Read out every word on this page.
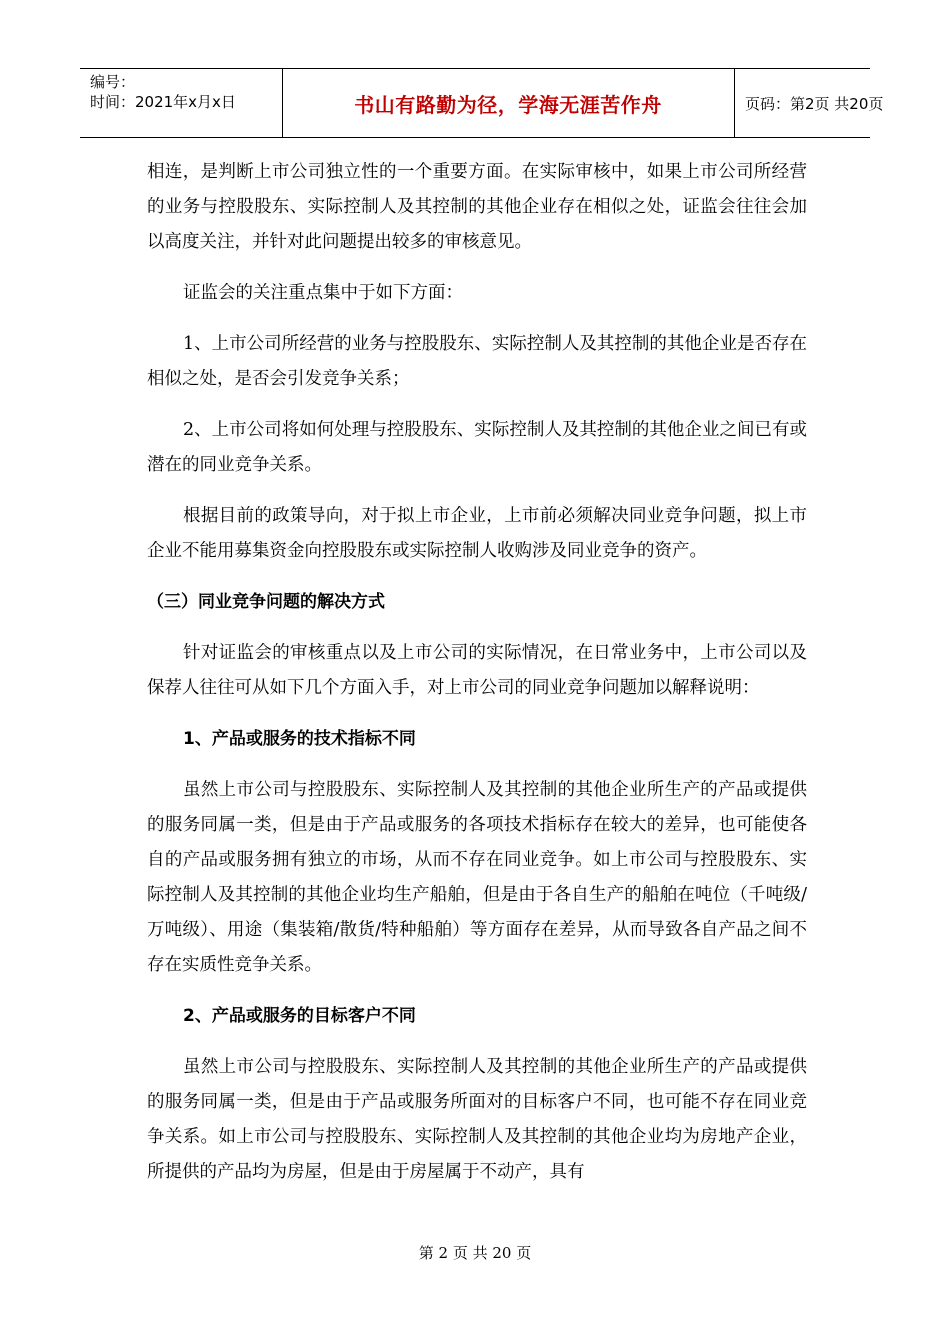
编号：
时间：2021年x月x日	书山有路勤为径，学海无涯苦作舟	页码：第2页 共20页

相连，是判断上市公司独立性的一个重要方面。在实际审核中，如果上市公司所经营的业务与控股股东、实际控制人及其控制的其他企业存在相似之处，证监会往往会加以高度关注，并针对此问题提出较多的审核意见。

证监会的关注重点集中于如下方面：

1、上市公司所经营的业务与控股股东、实际控制人及其控制的其他企业是否存在相似之处，是否会引发竞争关系；

2、上市公司将如何处理与控股股东、实际控制人及其控制的其他企业之间已有或潜在的同业竞争关系。

根据目前的政策导向，对于拟上市企业，上市前必须解决同业竞争问题，拟上市企业不能用募集资金向控股股东或实际控制人收购涉及同业竞争的资产。

（三）同业竞争问题的解决方式

针对证监会的审核重点以及上市公司的实际情况，在日常业务中，上市公司以及保荐人往往可从如下几个方面入手，对上市公司的同业竞争问题加以解释说明：

1、产品或服务的技术指标不同

虽然上市公司与控股股东、实际控制人及其控制的其他企业所生产的产品或提供的服务同属一类，但是由于产品或服务的各项技术指标存在较大的差异，也可能使各自的产品或服务拥有独立的市场，从而不存在同业竞争。如上市公司与控股股东、实际控制人及其控制的其他企业均生产船舶，但是由于各自生产的船舶在吨位（千吨级/万吨级）、用途（集装箱/散货/特种船舶）等方面存在差异，从而导致各自产品之间不存在实质性竞争关系。

2、产品或服务的目标客户不同

虽然上市公司与控股股东、实际控制人及其控制的其他企业所生产的产品或提供的服务同属一类，但是由于产品或服务所面对的目标客户不同，也可能不存在同业竞争关系。如上市公司与控股股东、实际控制人及其控制的其他企业均为房地产企业，所提供的产品均为房屋，但是由于房屋属于不动产，具有

第 2 页 共 20 页
